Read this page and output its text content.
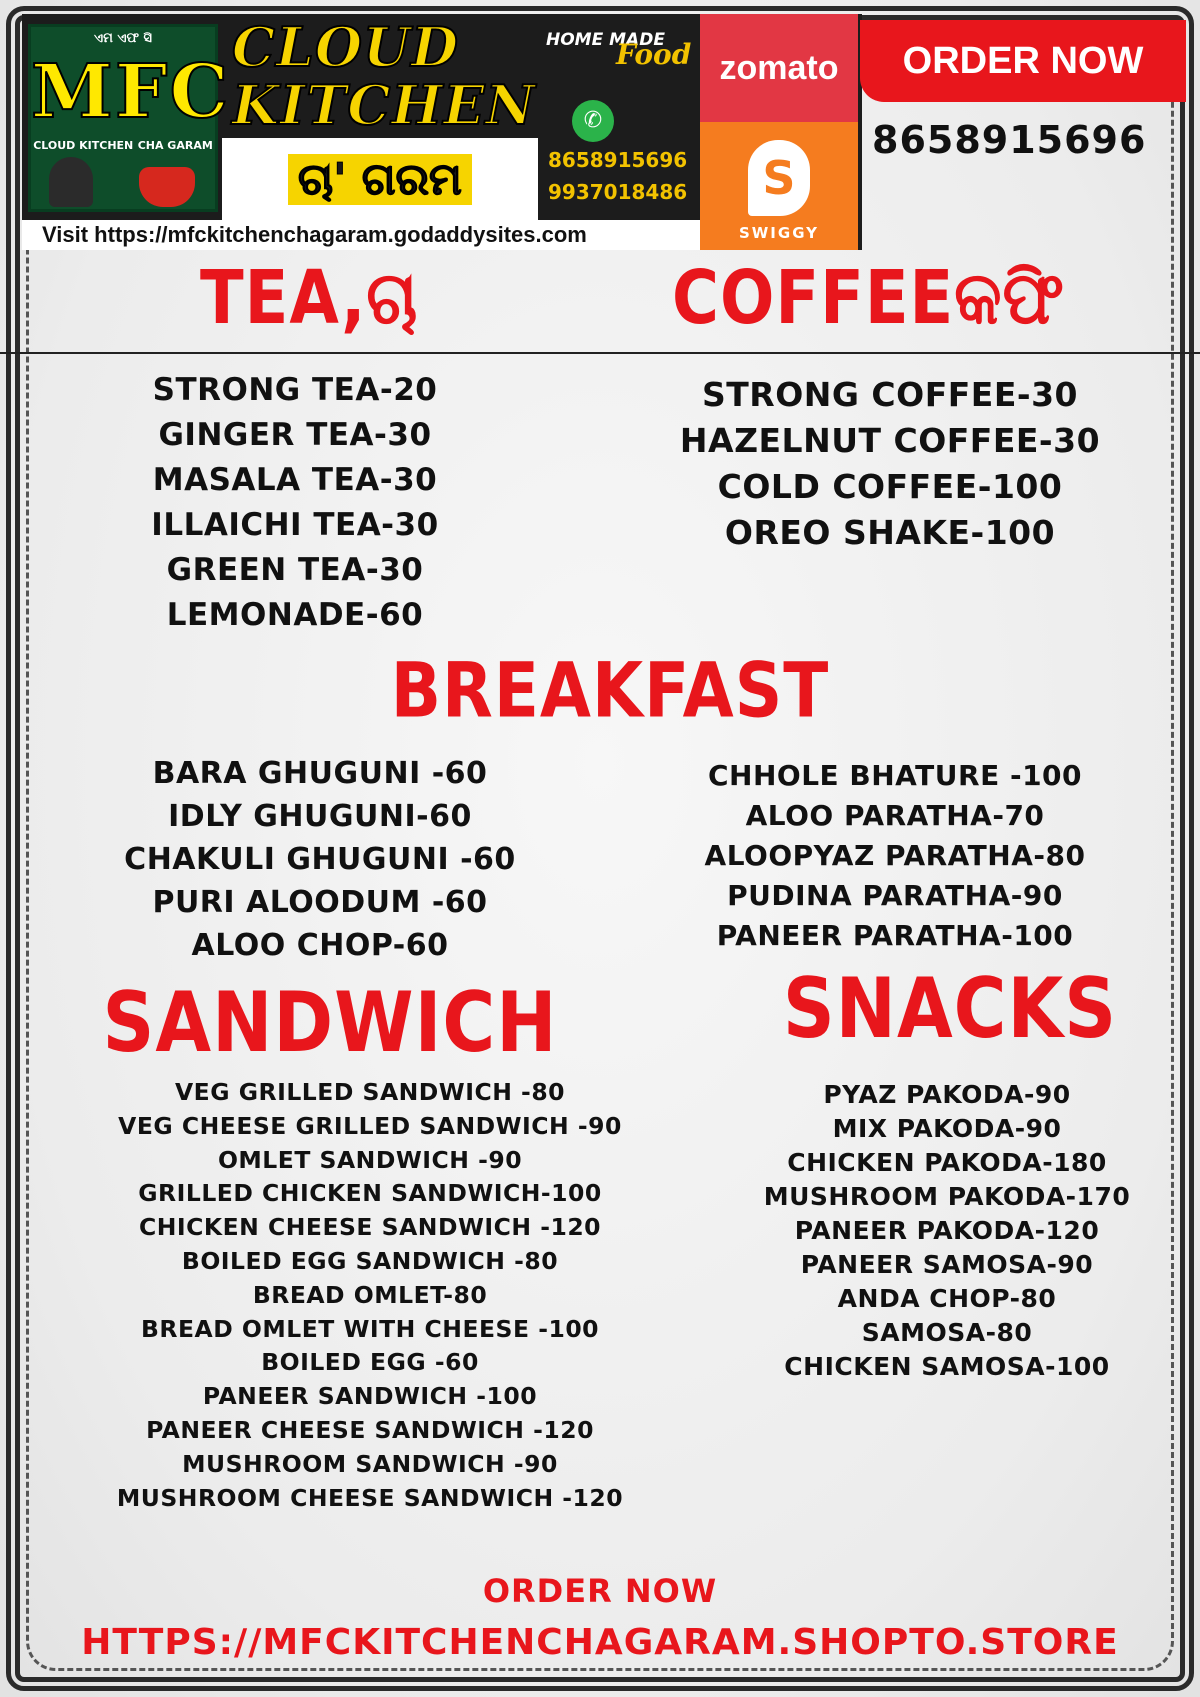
ଏମ ଏଫ ସି
MFC
CLOUD KITCHEN CHA GARAM
CLOUD
KITCHEN
HOME MADE
Food
ଚା' ଗରମ
✆
8658915696
9937018486
Visit https://mfckitchenchagaram.godaddysites.com
zomato
S
SWIGGY
ORDER NOW
8658915696
TEA,ଚା	COFFEEକଫି
STRONG TEA-20
GINGER TEA-30
MASALA TEA-30
ILLAICHI TEA-30
GREEN TEA-30
LEMONADE-60
STRONG COFFEE-30
HAZELNUT COFFEE-30
COLD COFFEE-100
OREO SHAKE-100
BREAKFAST
BARA GHUGUNI -60
IDLY GHUGUNI-60
CHAKULI GHUGUNI -60
PURI ALOODUM -60
ALOO CHOP-60
CHHOLE BHATURE -100
ALOO PARATHA-70
ALOOPYAZ PARATHA-80
PUDINA PARATHA-90
PANEER PARATHA-100
SANDWICH	SNACKS
VEG GRILLED SANDWICH -80
VEG CHEESE GRILLED SANDWICH -90
OMLET SANDWICH -90
GRILLED CHICKEN SANDWICH-100
CHICKEN CHEESE SANDWICH -120
BOILED EGG SANDWICH -80
BREAD OMLET-80
BREAD OMLET WITH CHEESE -100
BOILED EGG -60
PANEER SANDWICH -100
PANEER CHEESE SANDWICH -120
MUSHROOM SANDWICH -90
MUSHROOM CHEESE SANDWICH -120
PYAZ PAKODA-90
MIX PAKODA-90
CHICKEN PAKODA-180
MUSHROOM PAKODA-170
PANEER PAKODA-120
PANEER SAMOSA-90
ANDA CHOP-80
SAMOSA-80
CHICKEN SAMOSA-100
ORDER NOW
HTTPS://MFCKITCHENCHAGARAM.SHOPTO.STORE
